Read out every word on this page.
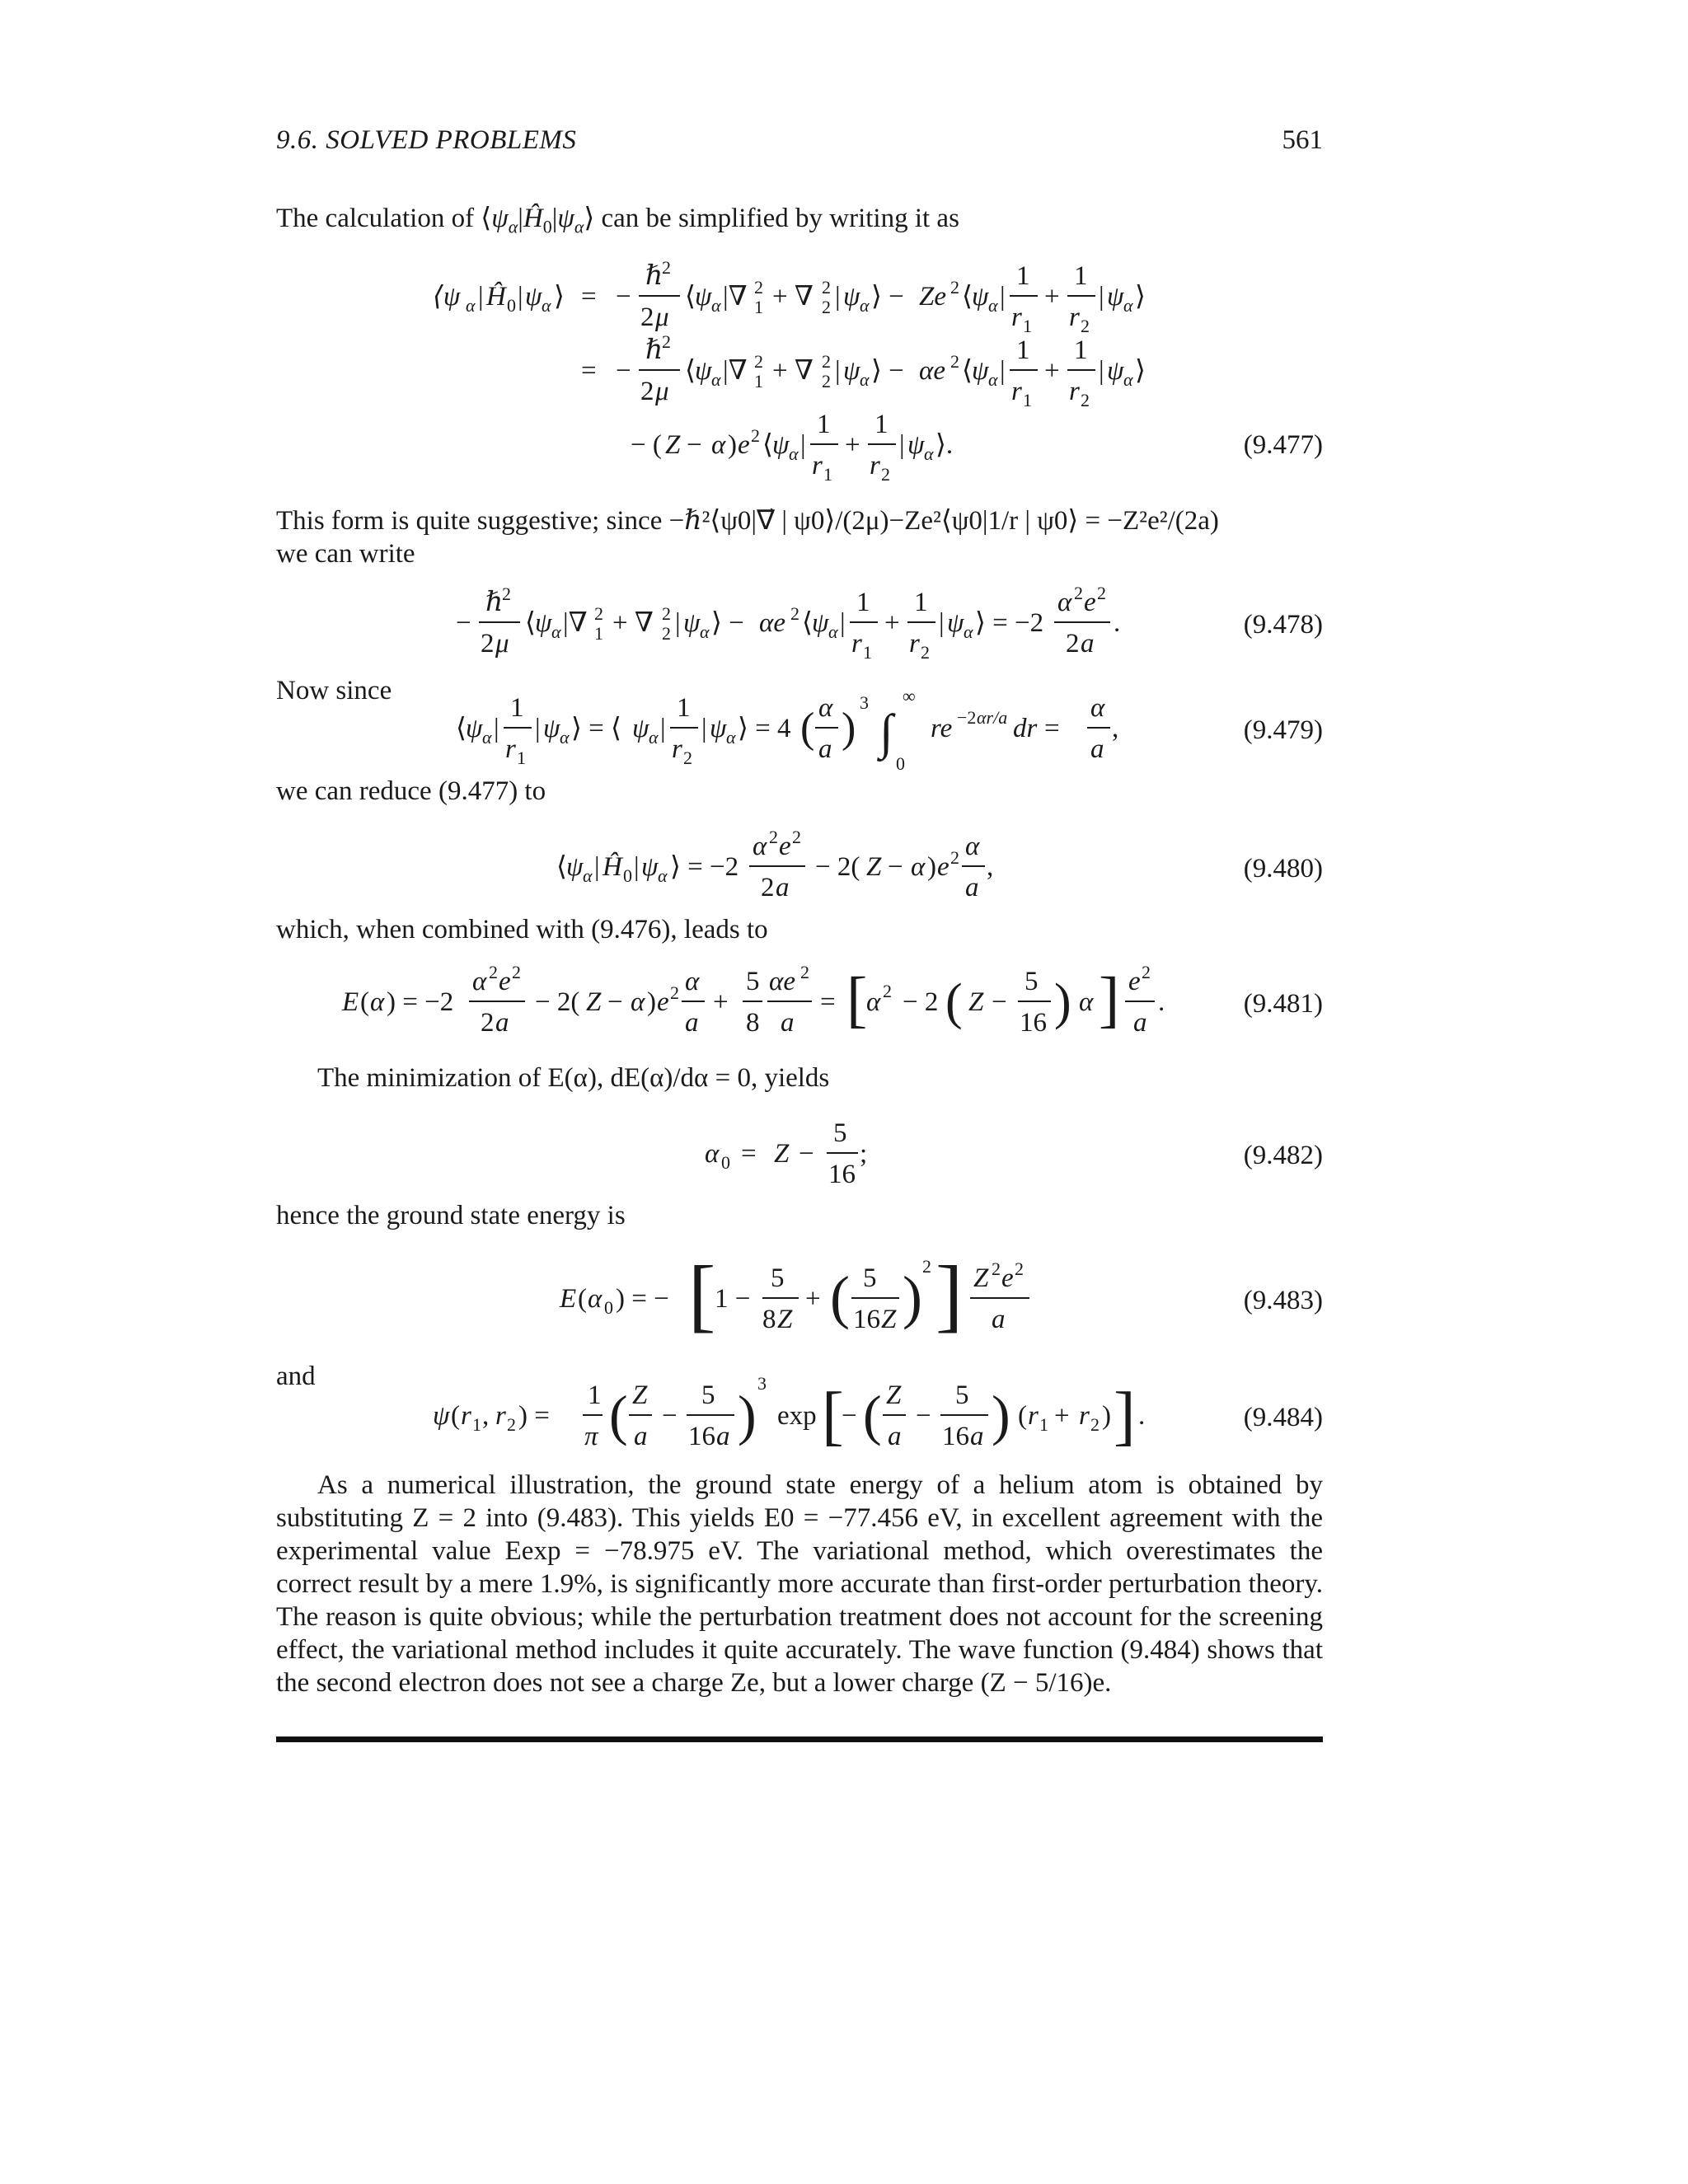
9.6. SOLVED PROBLEMS	561
The calculation of $⟨\psi_\alpha|Ĥ_0|\psi_\alpha⟩$ can be simplified by writing it as
⟨ψ α | Ĥ 0 | ψ α ⟩ = −
ℏ
2
2 μ
⟨ ψ α |∇ 2
1 + ∇ 2
2 | ψ α ⟩ − Ze 2 ⟨ ψ α |
1
r 1
+
1
r 2
| ψ α ⟩
= −
ℏ
2
2 μ
⟨ ψ α |∇ 2
1 + ∇ 2
2 | ψ α ⟩ − αe 2 ⟨ ψ α |
1
r 1
+
1
r 2
| ψ α ⟩
− ( Z − α ) e 2 ⟨ ψ α |
1
r 1
+
1
r 2
| ψ α ⟩.	(9.477)
This form is quite suggestive; since −ℏ²⟨ψ0|∇⃗ | ψ0⟩/(2μ)−Ze²⟨ψ0|1/r | ψ0⟩ = −Z²e²/(2a)
we can write
−
ℏ
2
2 μ
⟨ ψ α |∇ 2
1 + ∇ 2
2 | ψ α ⟩ − αe 2 ⟨ ψ α |
1
r 1
+
1
r 2
| ψ α ⟩ = −2
α 2 e 2
2 a
.	(9.478)
Now since
⟨ ψ α |
1
r 1
| ψ α ⟩ = ⟨ ψ α |
1
r 2
| ψ α ⟩ = 4 ( α
a )
3
∫
∞
0
re −2 αr/a dr =
α
a
,	(9.479)
we can reduce (9.477) to
⟨ ψ α | Ĥ 0 | ψ α ⟩ = −2
α 2 e 2
2 a
− 2( Z − α ) e 2 α
a
,	(9.480)
which, when combined with (9.476), leads to
E ( α ) = −2
α 2 e 2
2 a
− 2( Z − α ) e 2 α
a
+
5
8
αe 2
a
= [
α 2 − 2 ( Z −
5
16 ) α ] e 2
a
.	(9.481)
The minimization of E(α), dE(α)/dα = 0, yields
α 0 = Z −
5
16
;	(9.482)
hence the ground state energy is
E ( α 0 ) = − [
1 −
5
8 Z
+ ( 5
16 Z ) 2 ] Z 2 e 2
a
(9.483)
and
ψ ( r 1 , r 2 ) =
1
π ( Z
a
−
5
16 a )
3
exp [
− ( Z
a
−
5
16 a ) ( r 1 + r 2 ) ] .	(9.484)
As a numerical illustration, the ground state energy of a helium atom is obtained by substituting Z = 2 into (9.483). This yields E0 = −77.456 eV, in excellent agreement with the experimental value Eexp = −78.975 eV. The variational method, which overestimates the correct result by a mere 1.9%, is significantly more accurate than first-order perturbation theory. The reason is quite obvious; while the perturbation treatment does not account for the screening effect, the variational method includes it quite accurately. The wave function (9.484) shows that the second electron does not see a charge Ze, but a lower charge (Z − 5/16)e.
